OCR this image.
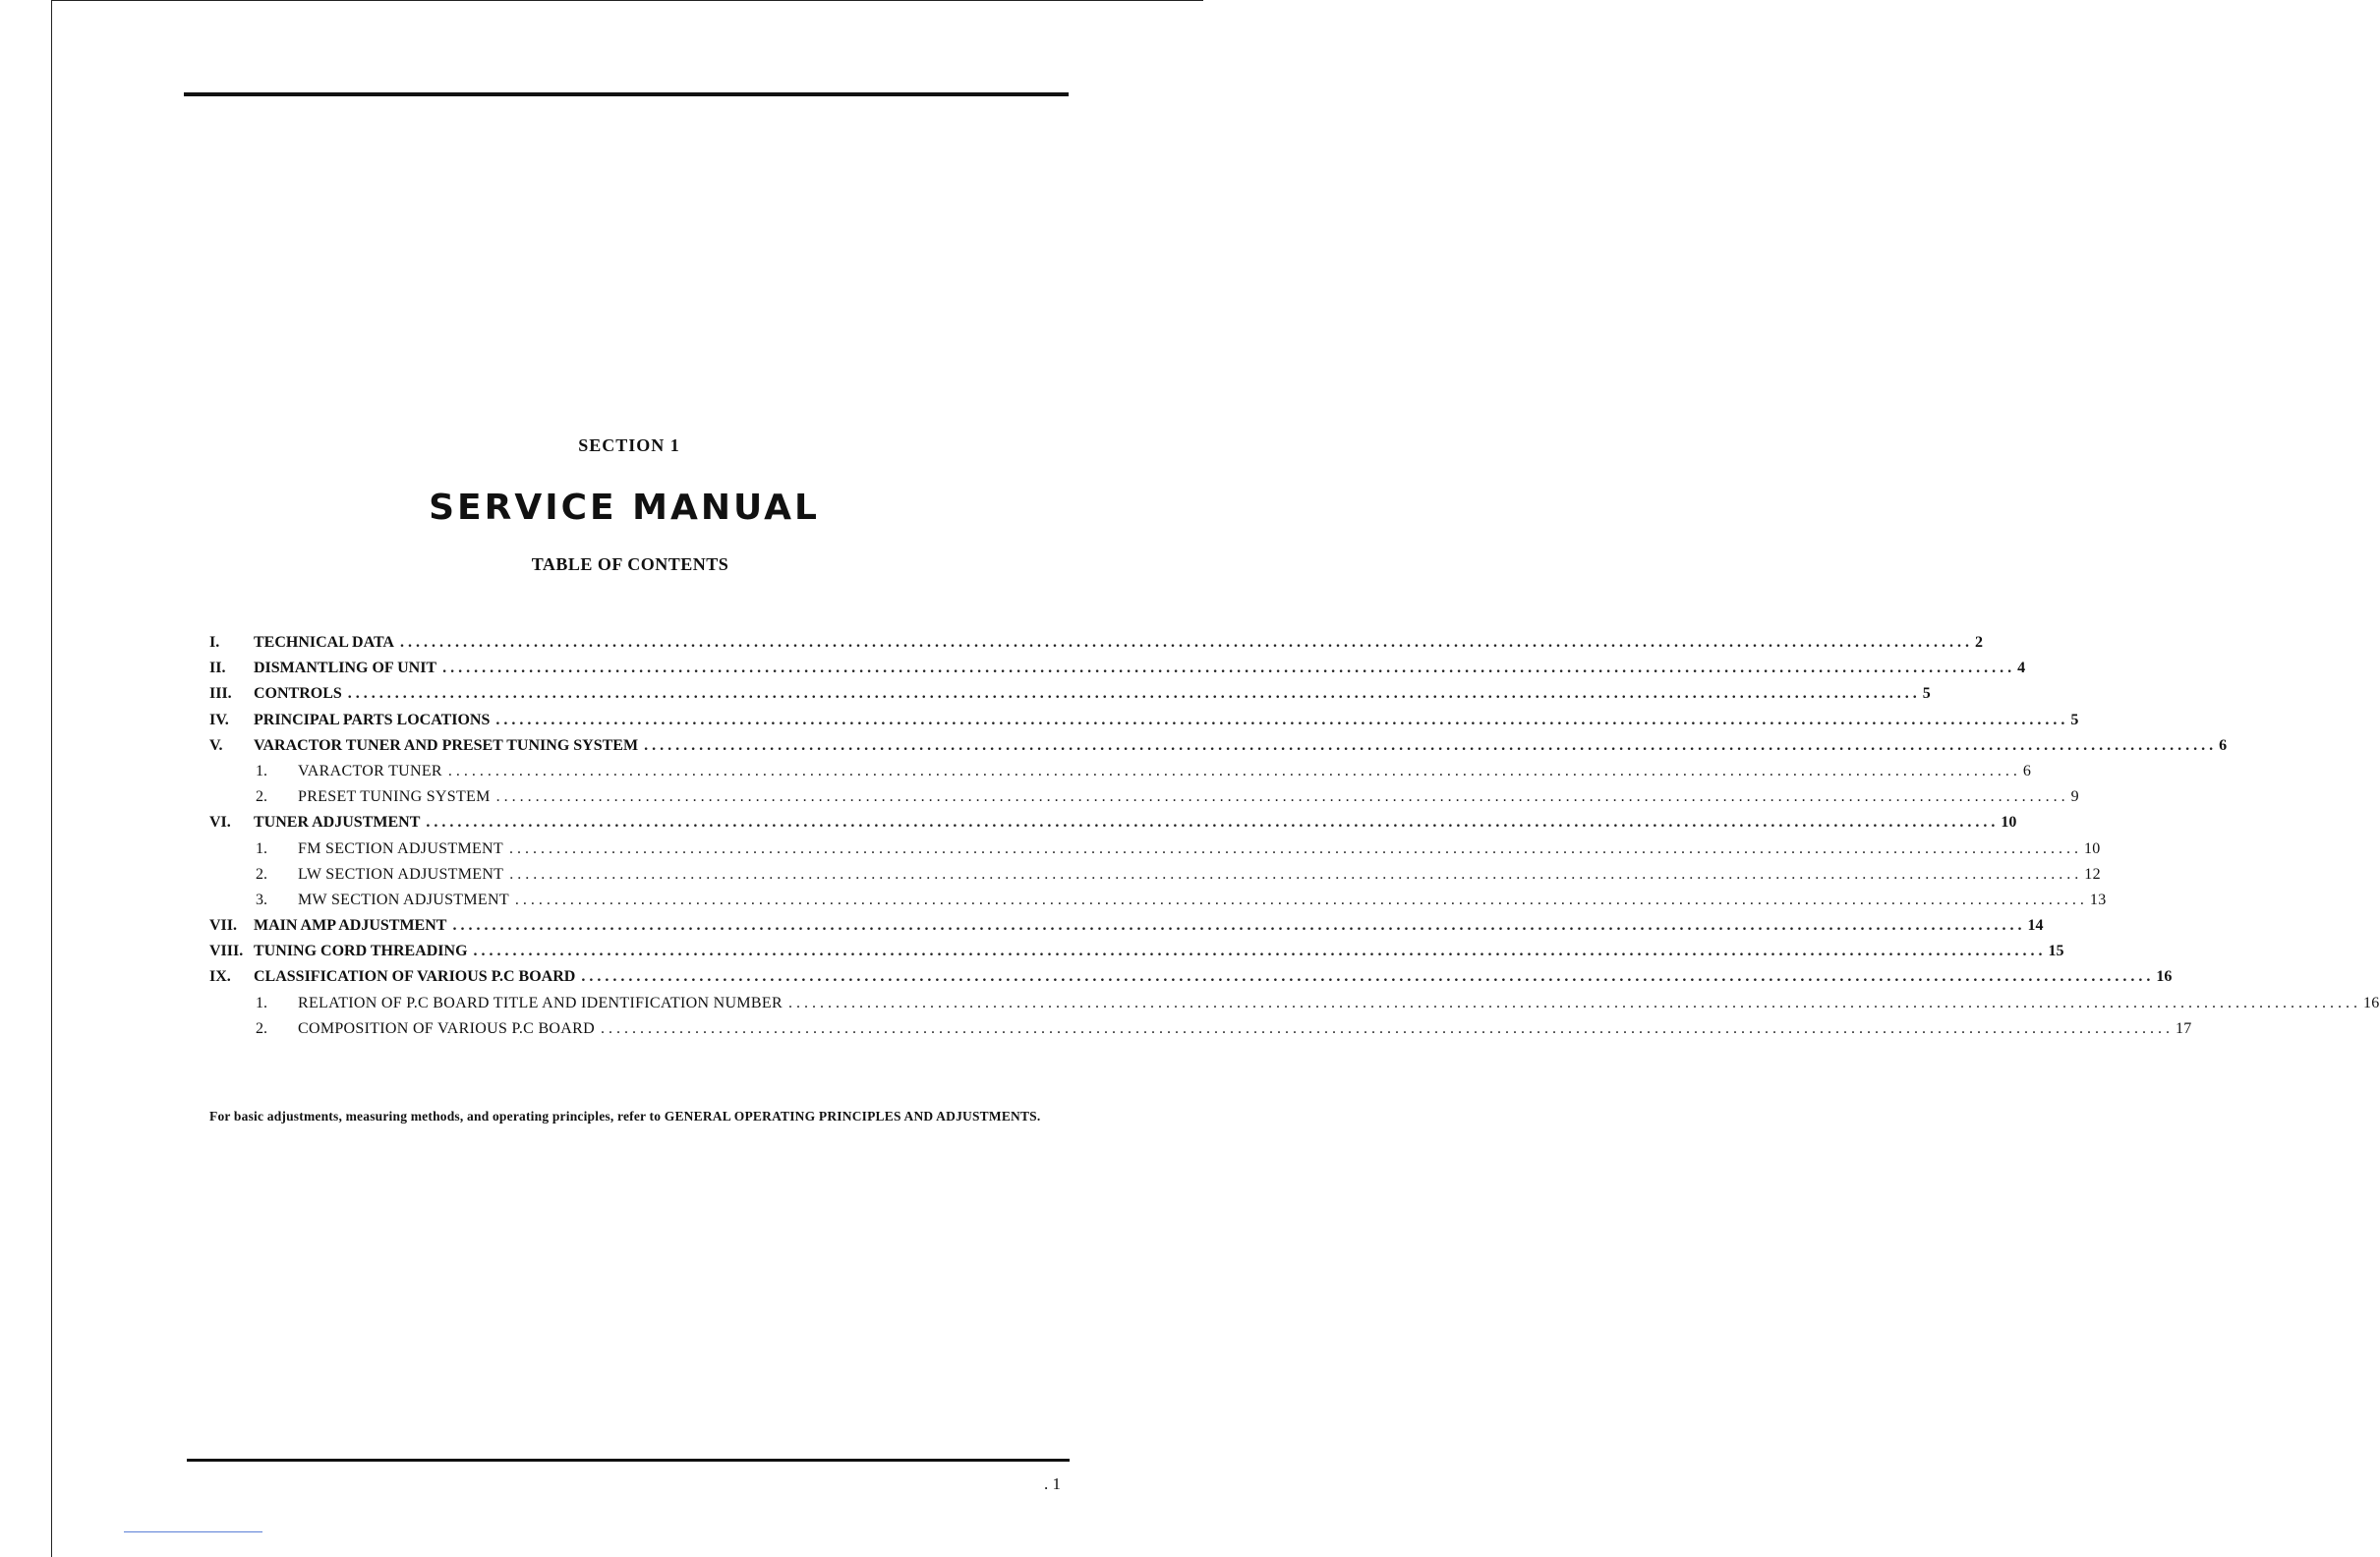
SECTION 1
SERVICE MANUAL
TABLE OF CONTENTS
I. TECHNICAL DATA ........................................................................................................................................................................................................ 2
II. DISMANTLING OF UNIT ........................................................................................................................................................................................................ 4
III. CONTROLS ........................................................................................................................................................................................................ 5
IV. PRINCIPAL PARTS LOCATIONS ........................................................................................................................................................................................................ 5
V. VARACTOR TUNER AND PRESET TUNING SYSTEM ........................................................................................................................................................................................................ 6
1. VARACTOR TUNER ........................................................................................................................................................................................................ 6
2. PRESET TUNING SYSTEM ........................................................................................................................................................................................................ 9
VI. TUNER ADJUSTMENT ........................................................................................................................................................................................................ 10
1. FM SECTION ADJUSTMENT ........................................................................................................................................................................................................ 10
2. LW SECTION ADJUSTMENT ........................................................................................................................................................................................................ 12
3. MW SECTION ADJUSTMENT ........................................................................................................................................................................................................ 13
VII. MAIN AMP ADJUSTMENT ........................................................................................................................................................................................................ 14
VIII. TUNING CORD THREADING ........................................................................................................................................................................................................ 15
IX. CLASSIFICATION OF VARIOUS P.C BOARD ........................................................................................................................................................................................................ 16
1. RELATION OF P.C BOARD TITLE AND IDENTIFICATION NUMBER ........................................................................................................................................................................................................ 16
2. COMPOSITION OF VARIOUS P.C BOARD ........................................................................................................................................................................................................ 17
For basic adjustments, measuring methods, and operating principles, refer to GENERAL OPERATING PRINCIPLES AND ADJUSTMENTS.
. 1
